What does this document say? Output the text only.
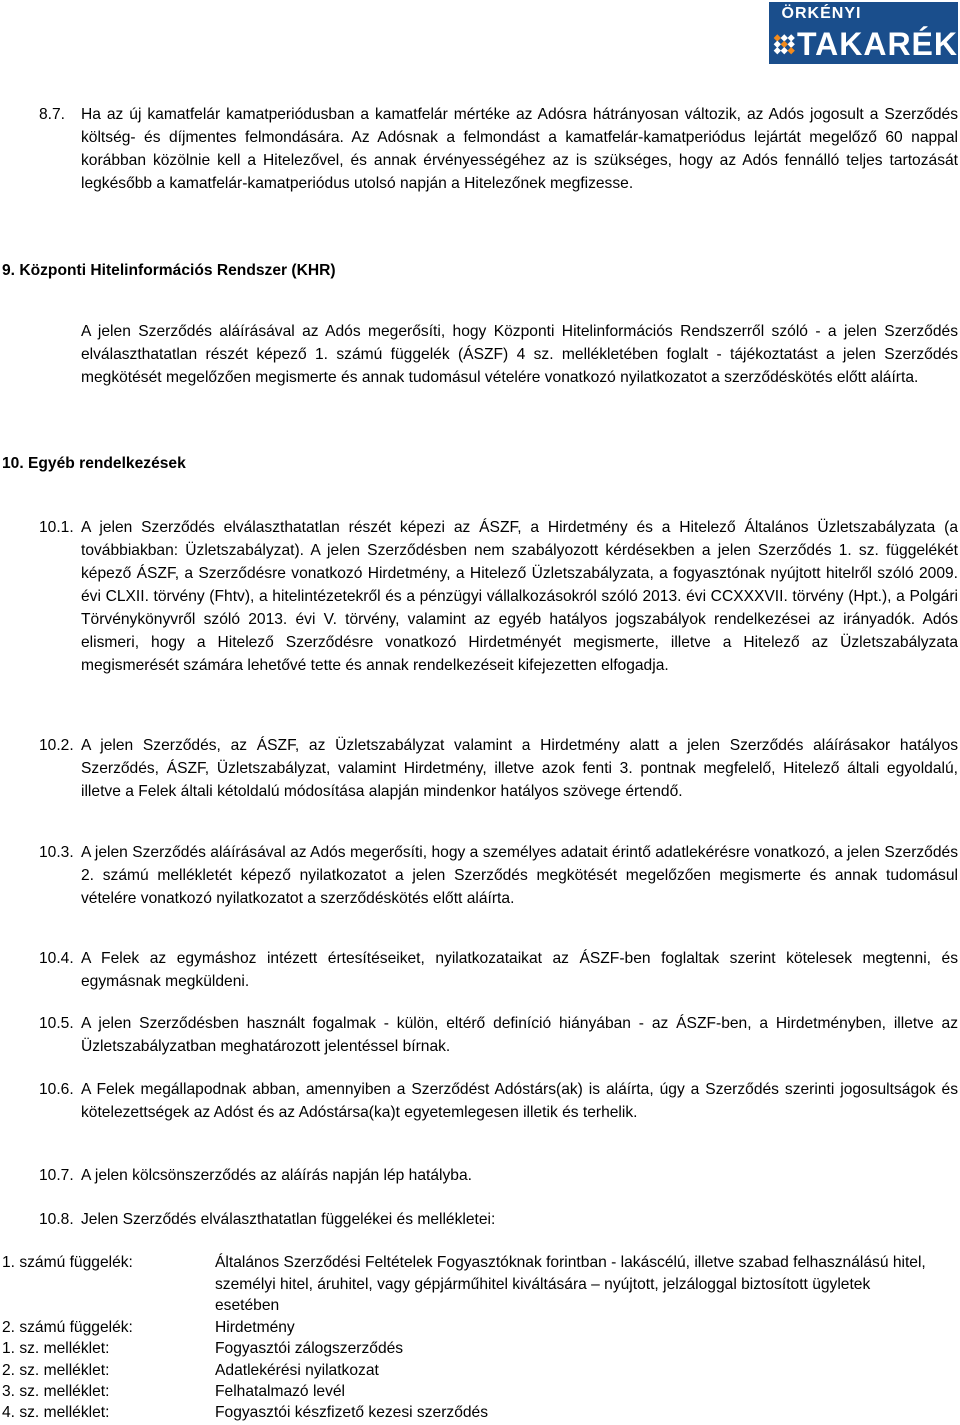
ÖRKÉNYI
TAKARÉK
8.7. Ha az új kamatfelár kamatperiódusban a kamatfelár mértéke az Adósra hátrányosan változik, az Adós jogosult a Szerződés költség- és díjmentes felmondására. Az Adósnak a felmondást a kamatfelár-kamatperiódus lejártát megelőző 60 nappal korábban közölnie kell a Hitelezővel, és annak érvényességéhez az is szükséges, hogy az Adós fennálló teljes tartozását legkésőbb a kamatfelár-kamatperiódus utolsó napján a Hitelezőnek megfizesse.
9. Központi Hitelinformációs Rendszer (KHR)
A jelen Szerződés aláírásával az Adós megerősíti, hogy Központi Hitelinformációs Rendszerről szóló - a jelen Szerződés elválaszthatatlan részét képező 1. számú függelék (ÁSZF) 4 sz. mellékletében foglalt - tájékoztatást a jelen Szerződés megkötését megelőzően megismerte és annak tudomásul vételére vonatkozó nyilatkozatot a szerződéskötés előtt aláírta.
10. Egyéb rendelkezések
10.1. A jelen Szerződés elválaszthatatlan részét képezi az ÁSZF, a Hirdetmény és a Hitelező Általános Üzletszabályzata (a továbbiakban: Üzletszabályzat). A jelen Szerződésben nem szabályozott kérdésekben a jelen Szerződés 1. sz. függelékét képező ÁSZF, a Szerződésre vonatkozó Hirdetmény, a Hitelező Üzletszabályzata, a fogyasztónak nyújtott hitelről szóló 2009. évi CLXII. törvény (Fhtv), a hitelintézetekről és a pénzügyi vállalkozásokról szóló 2013. évi CCXXXVII. törvény (Hpt.), a Polgári Törvénykönyvről szóló 2013. évi V. törvény, valamint az egyéb hatályos jogszabályok rendelkezései az irányadók. Adós elismeri, hogy a Hitelező Szerződésre vonatkozó Hirdetményét megismerte, illetve a Hitelező az Üzletszabályzata megismerését számára lehetővé tette és annak rendelkezéseit kifejezetten elfogadja.
10.2. A jelen Szerződés, az ÁSZF, az Üzletszabályzat valamint a Hirdetmény alatt a jelen Szerződés aláírásakor hatályos Szerződés, ÁSZF, Üzletszabályzat, valamint Hirdetmény, illetve azok fenti 3. pontnak megfelelő, Hitelező általi egyoldalú, illetve a Felek általi kétoldalú módosítása alapján mindenkor hatályos szövege értendő.
10.3. A jelen Szerződés aláírásával az Adós megerősíti, hogy a személyes adatait érintő adatlekérésre vonatkozó, a jelen Szerződés 2. számú mellékletét képező nyilatkozatot a jelen Szerződés megkötését megelőzően megismerte és annak tudomásul vételére vonatkozó nyilatkozatot a szerződéskötés előtt aláírta.
10.4. A Felek az egymáshoz intézett értesítéseiket, nyilatkozataikat az ÁSZF-ben foglaltak szerint kötelesek megtenni, és egymásnak megküldeni.
10.5. A jelen Szerződésben használt fogalmak - külön, eltérő definíció hiányában - az ÁSZF-ben, a Hirdetményben, illetve az Üzletszabályzatban meghatározott jelentéssel bírnak.
10.6. A Felek megállapodnak abban, amennyiben a Szerződést Adóstárs(ak) is aláírta, úgy a Szerződés szerinti jogosultságok és kötelezettségek az Adóst és az Adóstársa(ka)t egyetemlegesen illetik és terhelik.
10.7. A jelen kölcsönszerződés az aláírás napján lép hatályba.
10.8. Jelen Szerződés elválaszthatatlan függelékei és mellékletei:
1. számú függelék:	Általános Szerződési Feltételek Fogyasztóknak forintban - lakáscélú, illetve szabad felhasználású hitel, személyi hitel, áruhitel, vagy gépjárműhitel kiváltására – nyújtott, jelzáloggal biztosított ügyletek esetében
2. számú függelék:	Hirdetmény
1. sz. melléklet:	Fogyasztói zálogszerződés
2. sz. melléklet:	Adatlekérési nyilatkozat
3. sz. melléklet:	Felhatalmazó levél
4. sz. melléklet:	Fogyasztói készfizető kezesi szerződés
